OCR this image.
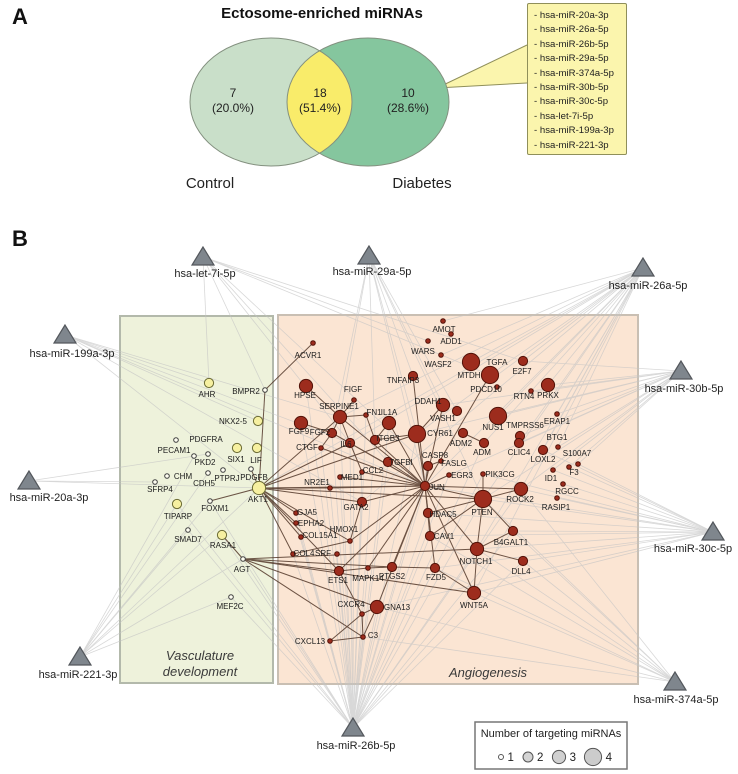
A
B
Ectosome-enriched miRNAs
7
(20.0%)
18
(51.4%)
10
(28.6%)
Control	Diabetes
- hsa-miR-20a-3p
- hsa-miR-26a-5p
- hsa-miR-26b-5p
- hsa-miR-29a-5p
- hsa-miR-374a-5p
- hsa-miR-30b-5p
- hsa-miR-30c-5p
- hsa-let-7i-5p
- hsa-miR-199a-3p
- hsa-miR-221-3p
AHR BMPR2
NKX2-5
PDGFRA
PECAM1
SIX1 LIF
PKD2
CDH5
PTPRJ PDGFB
CHM
SFRP4
AKT1
FOXM1
TIPARP
SMAD7
RASA1
AGT
MEF2C
ACVR1
AMOT
ADD1
WARS
WASF2	TGFA
E2F7
MTDH
TNFAIP3
PDCD10
RTN4 PRKX
DDAH1
VASH1
HPSE
FIGF
SERPINE1
FN1 IL1A
FGF9 FGF2	CYR61
ITGB3
IL6
CTGF
NUS1 TMPRSS6 ERAP1
ADM2
BTG1
ADM CLIC4
LOXL2
S100A7
F3
ID1
TGFBI
CASP8
FASLG
EGR3
CCL2
MED1
NR2E1
JUN
PIK3CG
ROCK2
RGCC
RASIP1
PTEN
GATA2
HDAC5
GJA5
EPHA2
COL15A1
COL4 SRF
HMOX1
CAV1
B4GALT1
NOTCH1
DLL4
WNT5A
FZD5
PTGS2
MAPK14
ETS1
GNA13
CXCR4
C3
CXCL13
hsa-let-7i-5p	hsa-miR-29a-5p
hsa-miR-26a-5p
hsa-miR-199a-3p
hsa-miR-30b-5p
hsa-miR-20a-3p
hsa-miR-30c-5p
hsa-miR-221-3p
hsa-miR-374a-5p
hsa-miR-26b-5p
Vasculature
development	Angiogenesis
Number of targeting miRNAs
1 2 3	4
